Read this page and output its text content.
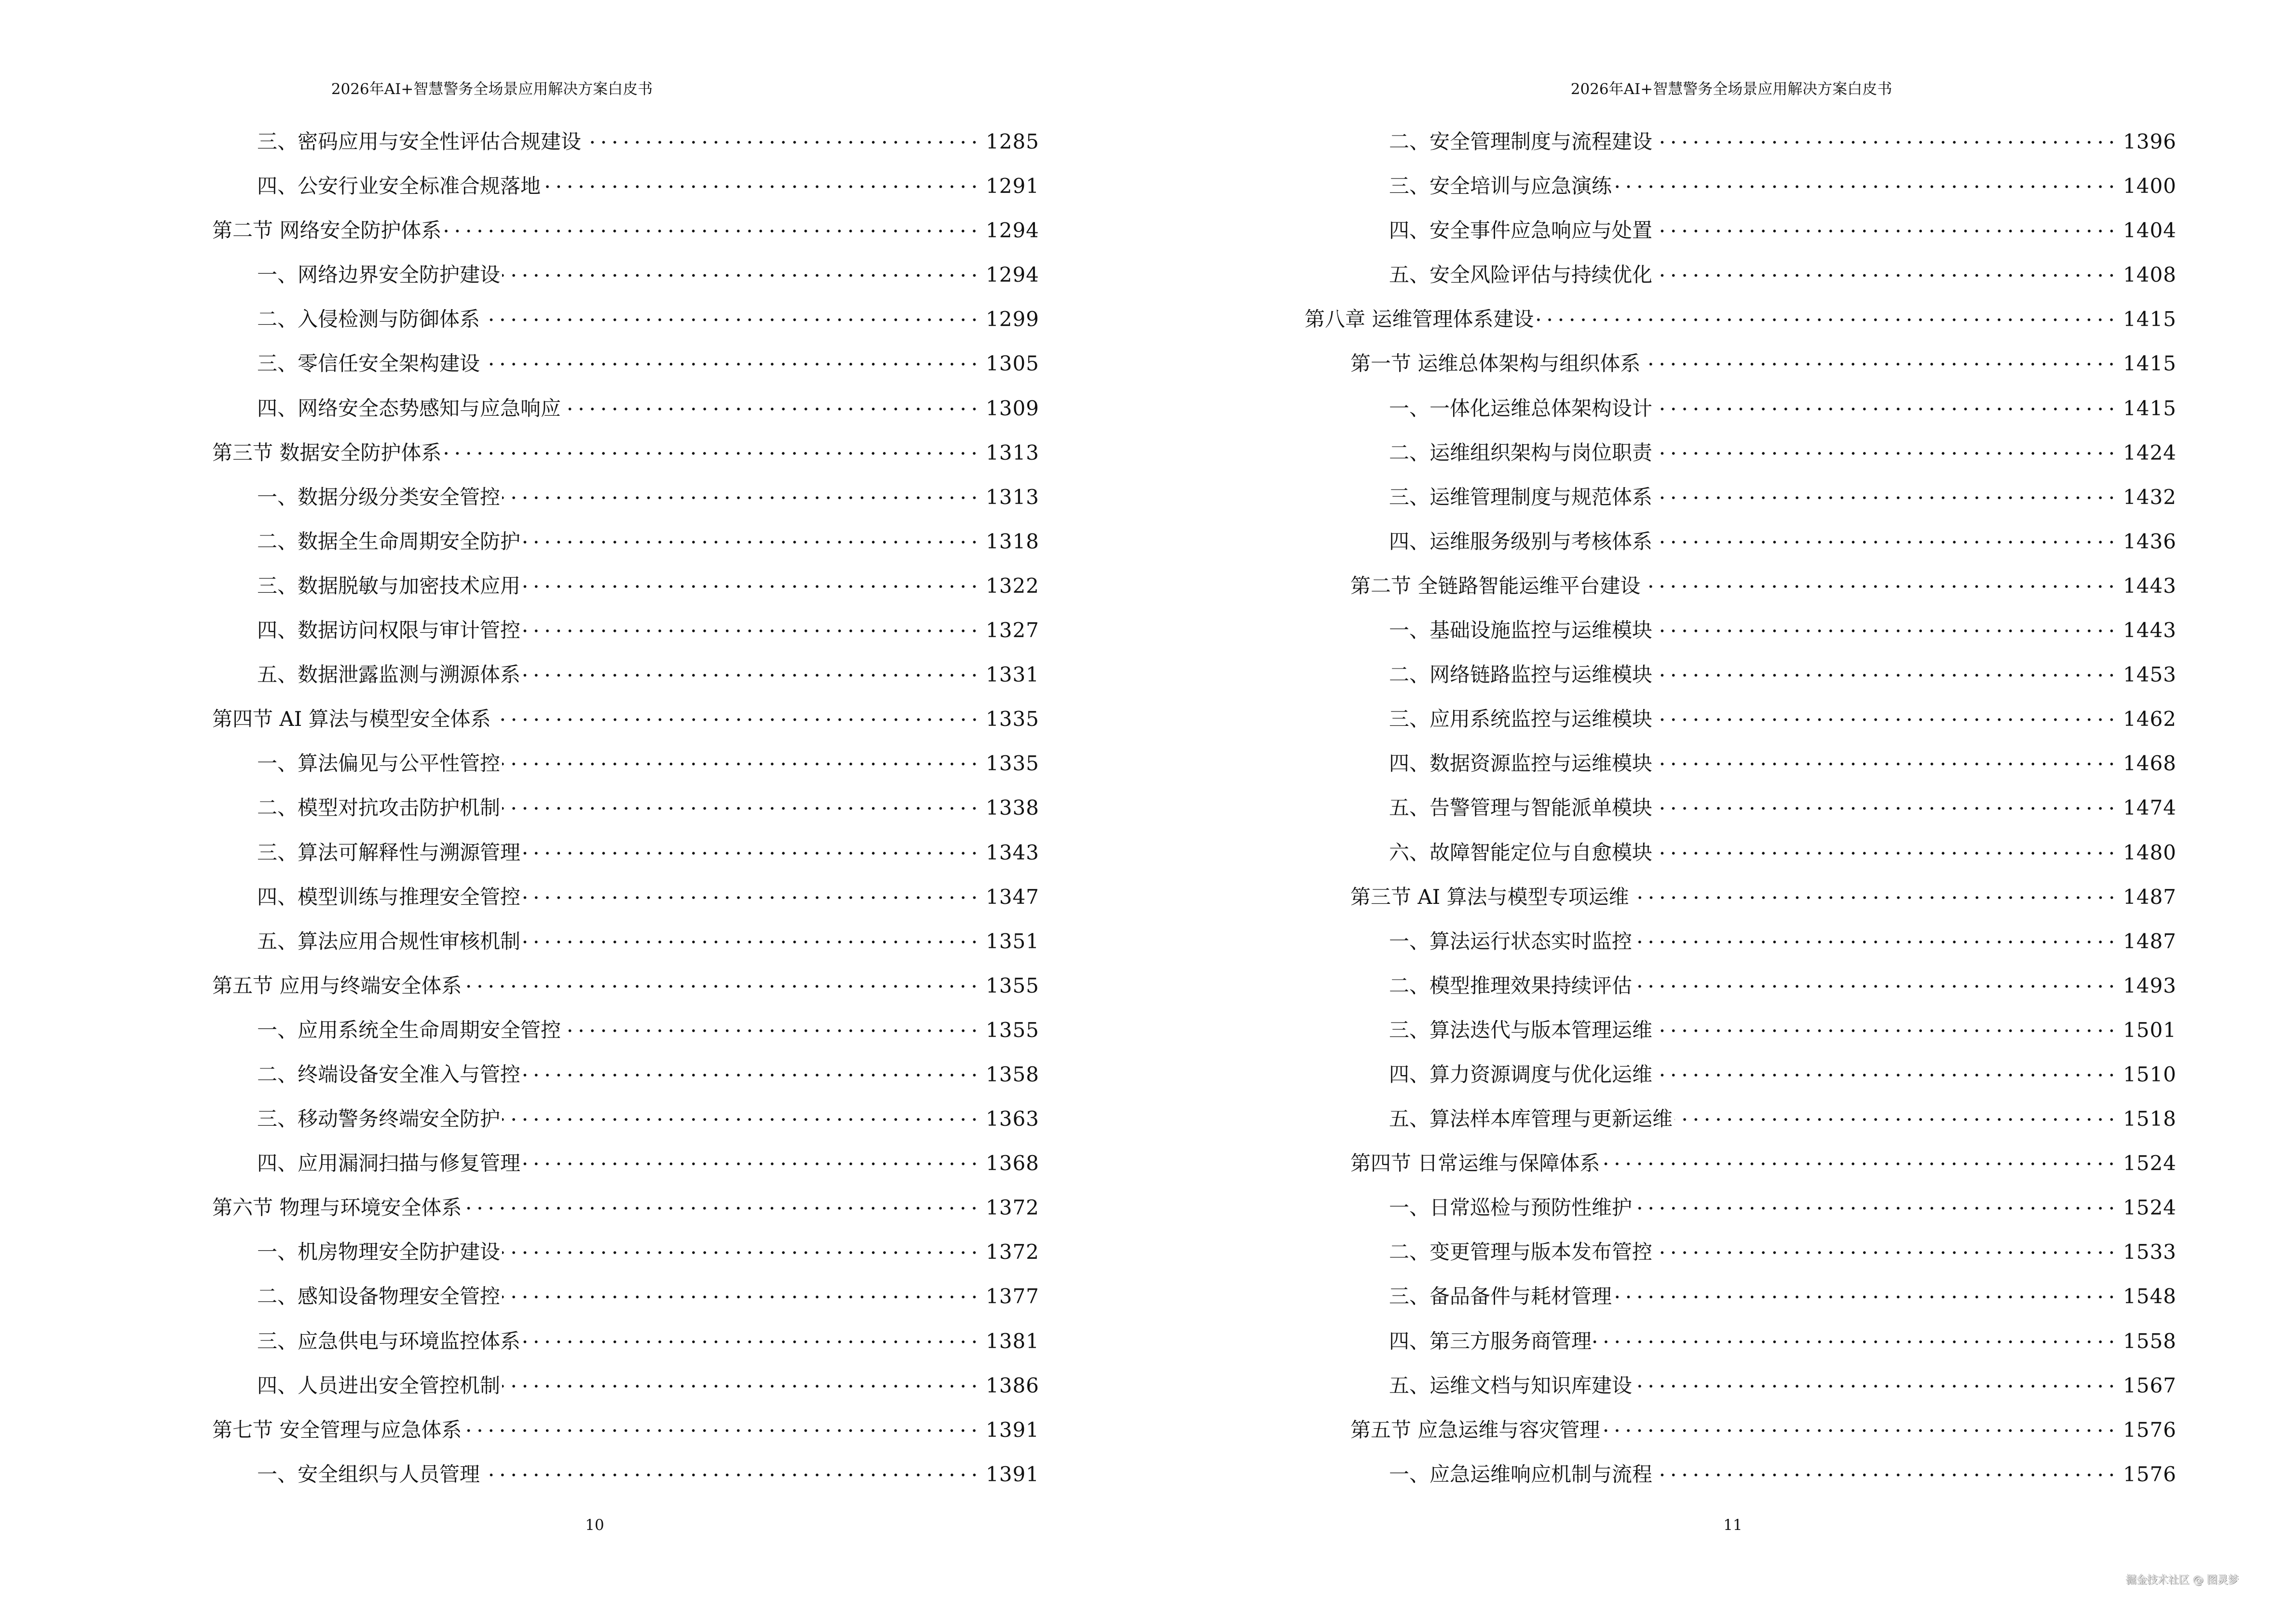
2026年AI+智慧警务全场景应用解决方案白皮书
三、密码应用与安全性评估合规建设	1285
四、公安行业安全标准合规落地	1291
第二节 网络安全防护体系	1294
一、网络边界安全防护建设	1294
二、入侵检测与防御体系	1299
三、零信任安全架构建设	1305
四、网络安全态势感知与应急响应	1309
第三节 数据安全防护体系	1313
一、数据分级分类安全管控	1313
二、数据全生命周期安全防护	1318
三、数据脱敏与加密技术应用	1322
四、数据访问权限与审计管控	1327
五、数据泄露监测与溯源体系	1331
第四节 AI 算法与模型安全体系	1335
一、算法偏见与公平性管控	1335
二、模型对抗攻击防护机制	1338
三、算法可解释性与溯源管理	1343
四、模型训练与推理安全管控	1347
五、算法应用合规性审核机制	1351
第五节 应用与终端安全体系	1355
一、应用系统全生命周期安全管控	1355
二、终端设备安全准入与管控	1358
三、移动警务终端安全防护	1363
四、应用漏洞扫描与修复管理	1368
第六节 物理与环境安全体系	1372
一、机房物理安全防护建设	1372
二、感知设备物理安全管控	1377
三、应急供电与环境监控体系	1381
四、人员进出安全管控机制	1386
第七节 安全管理与应急体系	1391
一、安全组织与人员管理	1391
10
2026年AI+智慧警务全场景应用解决方案白皮书
二、安全管理制度与流程建设	1396
三、安全培训与应急演练	1400
四、安全事件应急响应与处置	1404
五、安全风险评估与持续优化	1408
第八章 运维管理体系建设	1415
第一节 运维总体架构与组织体系	1415
一、一体化运维总体架构设计	1415
二、运维组织架构与岗位职责	1424
三、运维管理制度与规范体系	1432
四、运维服务级别与考核体系	1436
第二节 全链路智能运维平台建设	1443
一、基础设施监控与运维模块	1443
二、网络链路监控与运维模块	1453
三、应用系统监控与运维模块	1462
四、数据资源监控与运维模块	1468
五、告警管理与智能派单模块	1474
六、故障智能定位与自愈模块	1480
第三节 AI 算法与模型专项运维	1487
一、算法运行状态实时监控	1487
二、模型推理效果持续评估	1493
三、算法迭代与版本管理运维	1501
四、算力资源调度与优化运维	1510
五、算法样本库管理与更新运维	1518
第四节 日常运维与保障体系	1524
一、日常巡检与预防性维护	1524
二、变更管理与版本发布管控	1533
三、备品备件与耗材管理	1548
四、第三方服务商管理	1558
五、运维文档与知识库建设	1567
第五节 应急运维与容灾管理	1576
一、应急运维响应机制与流程	1576
11
掘金技术社区 @ 图灵梦
